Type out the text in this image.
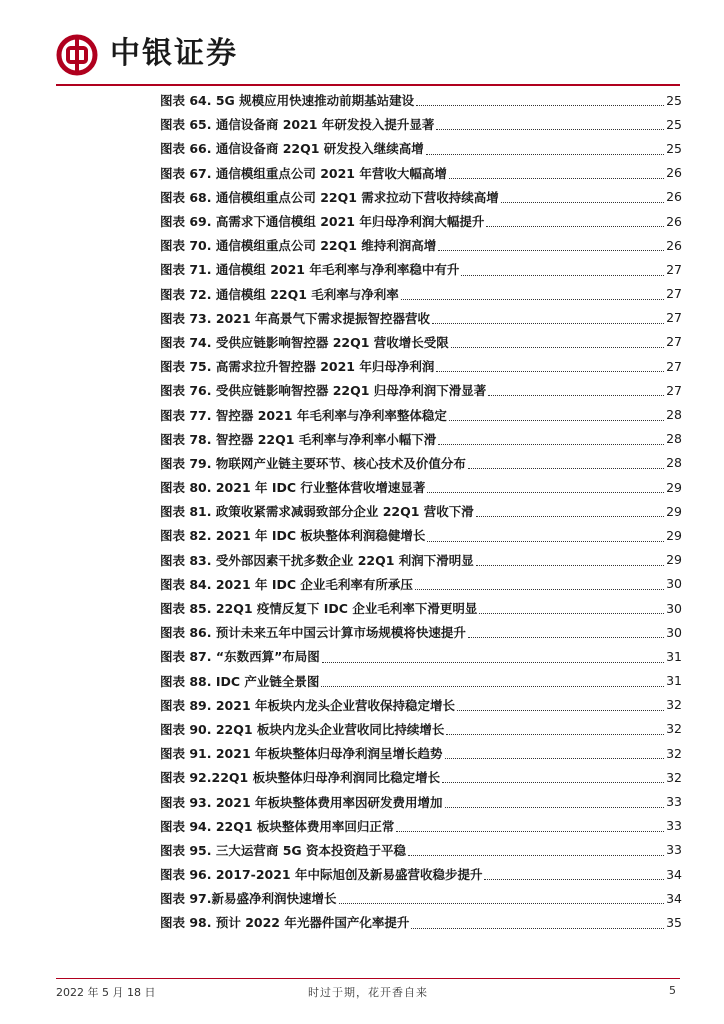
中银证券
图表 64. 5G 规模应用快速推动前期基站建设	25
图表 65. 通信设备商 2021 年研发投入提升显著	25
图表 66. 通信设备商 22Q1 研发投入继续高增	25
图表 67. 通信模组重点公司 2021 年营收大幅高增	26
图表 68. 通信模组重点公司 22Q1 需求拉动下营收持续高增	26
图表 69. 高需求下通信模组 2021 年归母净利润大幅提升	26
图表 70. 通信模组重点公司 22Q1 维持利润高增	26
图表 71. 通信模组 2021 年毛利率与净利率稳中有升	27
图表 72. 通信模组 22Q1 毛利率与净利率	27
图表 73. 2021 年高景气下需求提振智控器营收	27
图表 74. 受供应链影响智控器 22Q1 营收增长受限	27
图表 75. 高需求拉升智控器 2021 年归母净利润	27
图表 76. 受供应链影响智控器 22Q1 归母净利润下滑显著	27
图表 77. 智控器 2021 年毛利率与净利率整体稳定	28
图表 78. 智控器 22Q1 毛利率与净利率小幅下滑	28
图表 79. 物联网产业链主要环节、核心技术及价值分布	28
图表 80. 2021 年 IDC 行业整体营收增速显著	29
图表 81. 政策收紧需求减弱致部分企业 22Q1 营收下滑	29
图表 82. 2021 年 IDC 板块整体利润稳健增长	29
图表 83. 受外部因素干扰多数企业 22Q1 利润下滑明显	29
图表 84. 2021 年 IDC 企业毛利率有所承压	30
图表 85. 22Q1 疫情反复下 IDC 企业毛利率下滑更明显	30
图表 86. 预计未来五年中国云计算市场规模将快速提升	30
图表 87. “东数西算”布局图	31
图表 88. IDC 产业链全景图	31
图表 89. 2021 年板块内龙头企业营收保持稳定增长	32
图表 90. 22Q1 板块内龙头企业营收同比持续增长	32
图表 91. 2021 年板块整体归母净利润呈增长趋势	32
图表 92.22Q1 板块整体归母净利润同比稳定增长	32
图表 93. 2021 年板块整体费用率因研发费用增加	33
图表 94. 22Q1 板块整体费用率回归正常	33
图表 95. 三大运营商 5G 资本投资趋于平稳	33
图表 96. 2017-2021 年中际旭创及新易盛营收稳步提升	34
图表 97.新易盛净利润快速增长	34
图表 98. 预计 2022 年光器件国产化率提升	35
2022 年 5 月 18 日	时过于期，花开香自来	5
